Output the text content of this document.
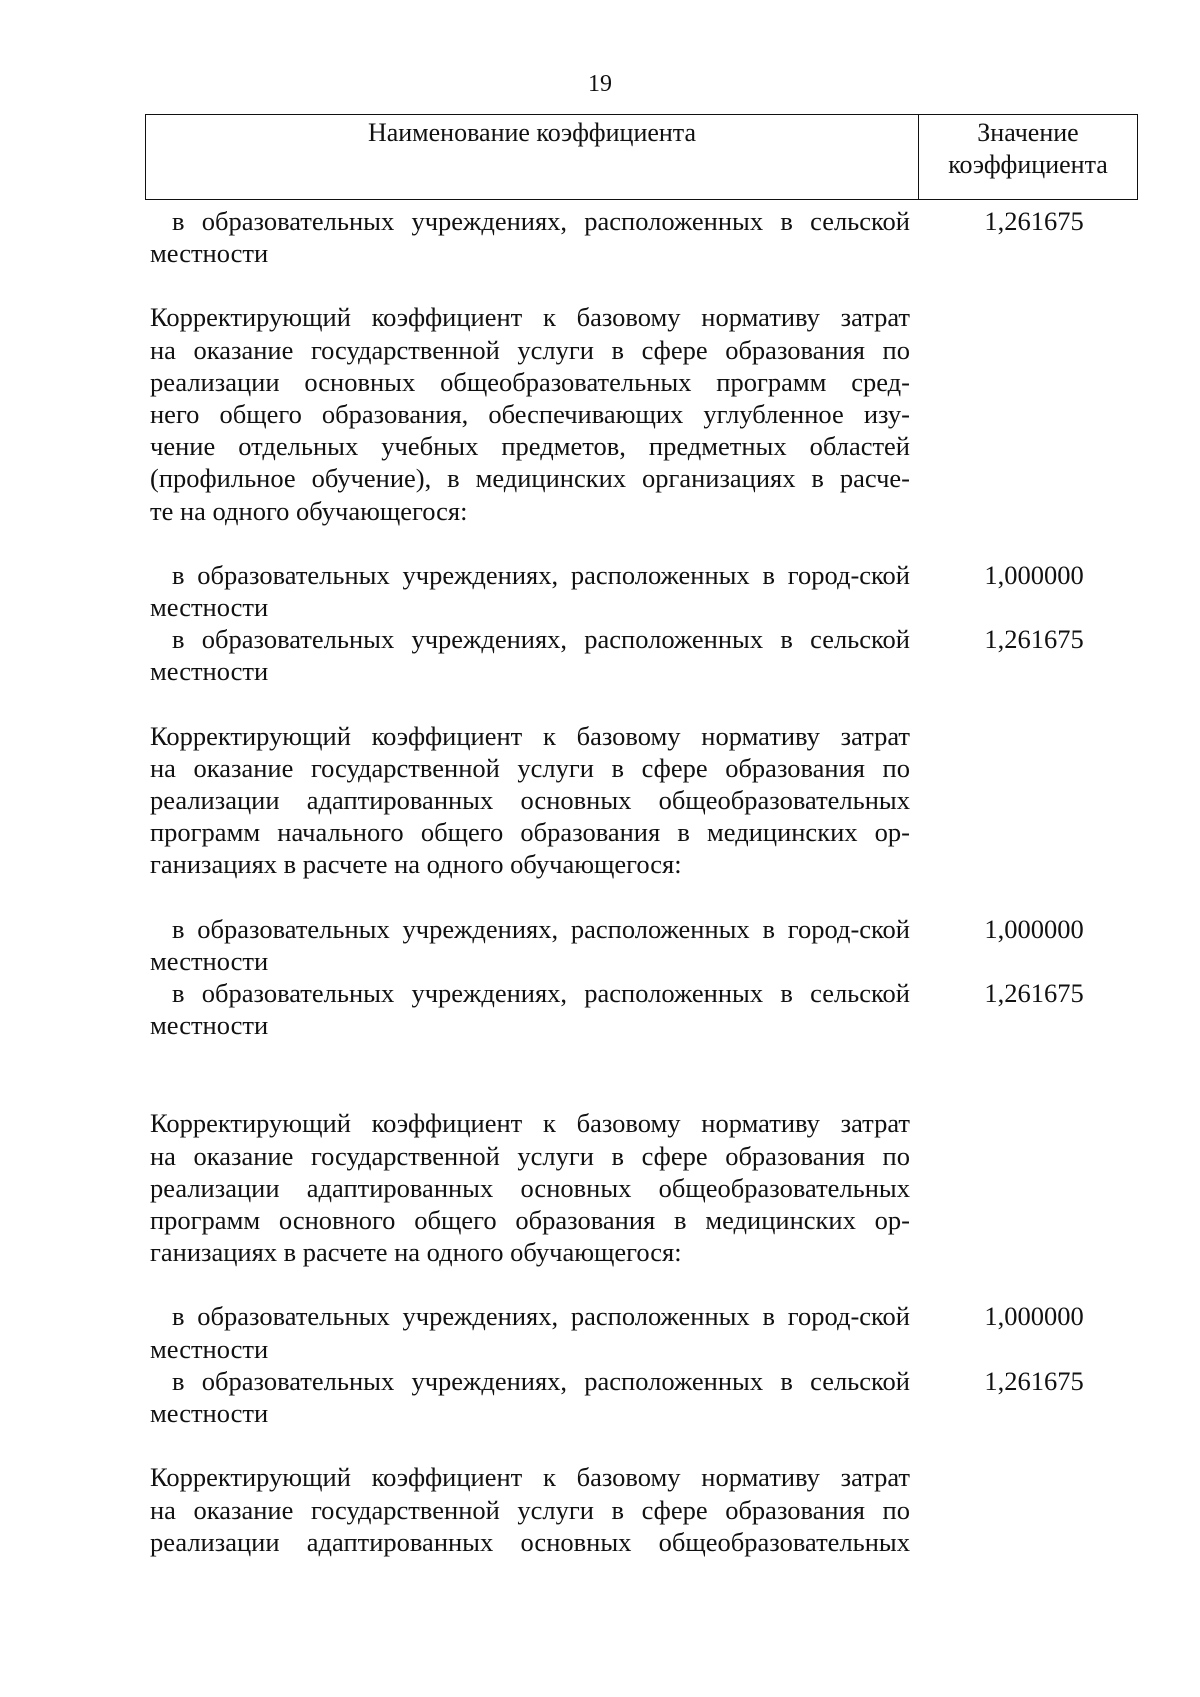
19
Наименование коэффициента	Значение
коэффициента
в образовательных учреждениях, расположенных в сельской местности
1,261675
Корректирующий коэффициент к базовому нормативу затрат
на оказание государственной услуги в сфере образования по
реализации основных общеобразовательных программ сред-
него общего образования, обеспечивающих углубленное изу-
чение отдельных учебных предметов, предметных областей
(профильное обучение), в медицинских организациях в расче-
те на одного обучающегося:
в образовательных учреждениях, расположенных в город-ской местности
1,000000
в образовательных учреждениях, расположенных в сельской местности
1,261675
Корректирующий коэффициент к базовому нормативу затрат
на оказание государственной услуги в сфере образования по
реализации адаптированных основных общеобразовательных
программ начального общего образования в медицинских ор-
ганизациях в расчете на одного обучающегося:
в образовательных учреждениях, расположенных в город-ской местности
1,000000
в образовательных учреждениях, расположенных в сельской местности
1,261675
Корректирующий коэффициент к базовому нормативу затрат
на оказание государственной услуги в сфере образования по
реализации адаптированных основных общеобразовательных
программ основного общего образования в медицинских ор-
ганизациях в расчете на одного обучающегося:
в образовательных учреждениях, расположенных в город-ской местности
1,000000
в образовательных учреждениях, расположенных в сельской местности
1,261675
Корректирующий коэффициент к базовому нормативу затрат
на оказание государственной услуги в сфере образования по
реализации адаптированных основных общеобразовательных
